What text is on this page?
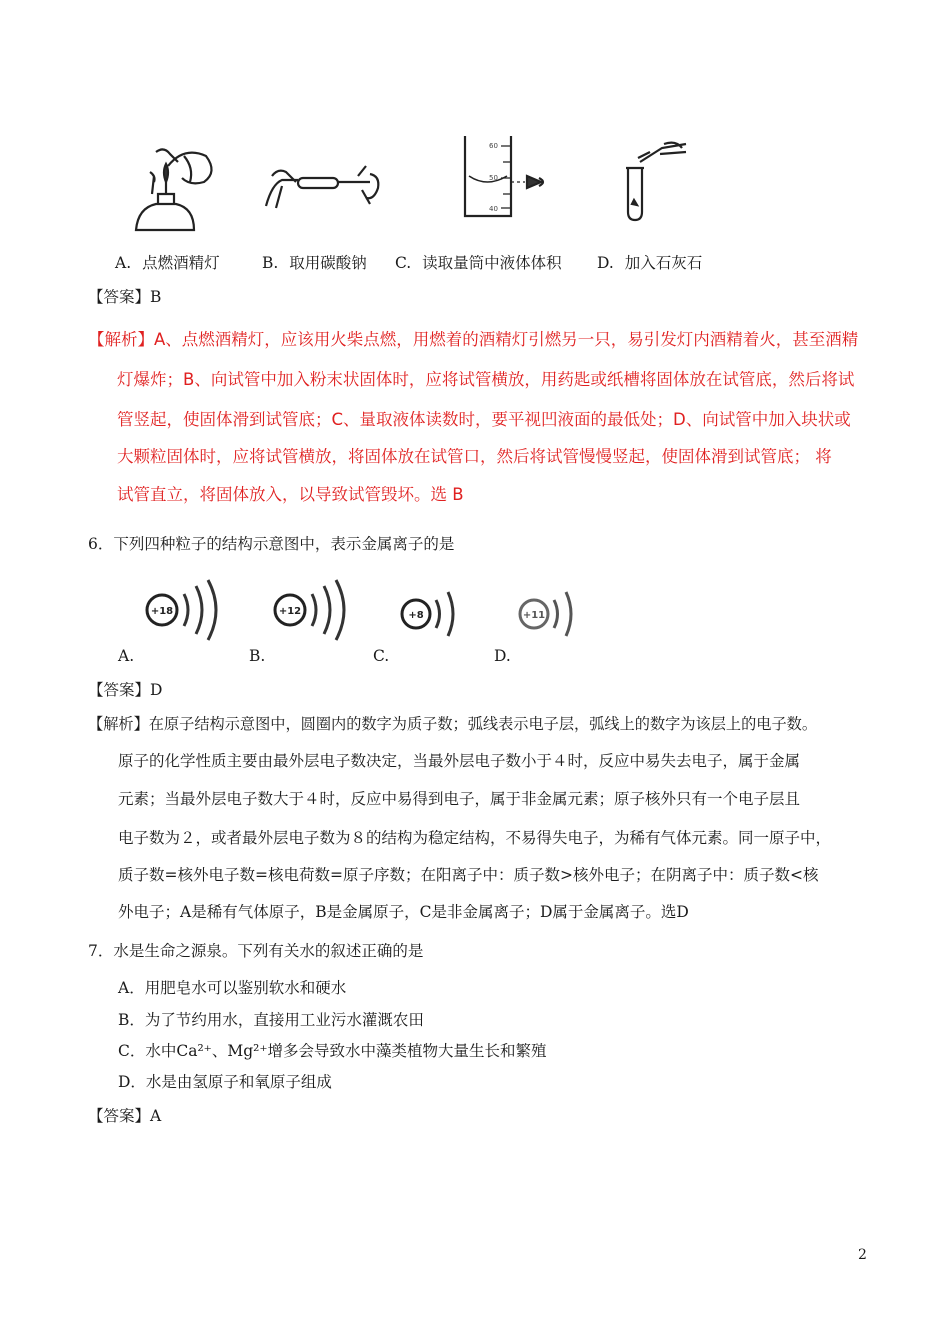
60
50
40
A. 点燃酒精灯	B. 取用碳酸钠 C. 读取量筒中液体体积 D. 加入石灰石
【答案】B
【解析】A、点燃酒精灯，应该用火柴点燃，用燃着的酒精灯引燃另一只，易引发灯内酒精着火，甚至酒精
灯爆炸；B、向试管中加入粉末状固体时，应将试管横放，用药匙或纸槽将固体放在试管底，然后将试
管竖起，使固体滑到试管底；C、量取液体读数时，要平视凹液面的最低处；D、向试管中加入块状或
大颗粒固体时，应将试管横放，将固体放在试管口，然后将试管慢慢竖起，使固体滑到试管底； 将
试管直立，将固体放入，以导致试管毁坏。选 B
6．下列四种粒子的结构示意图中，表示金属离子的是
+18	+12	+8	+11
A.	B.	C.	D.
【答案】D
【解析】在原子结构示意图中，圆圈内的数字为质子数；弧线表示电子层，弧线上的数字为该层上的电子数。
原子的化学性质主要由最外层电子数决定，当最外层电子数小于４时，反应中易失去电子，属于金属
元素；当最外层电子数大于４时，反应中易得到电子，属于非金属元素；原子核外只有一个电子层且
电子数为２，或者最外层电子数为８的结构为稳定结构，不易得失电子，为稀有气体元素。同一原子中，
质子数=核外电子数=核电荷数=原子序数；在阳离子中：质子数>核外电子；在阴离子中：质子数<核
外电子；A是稀有气体原子，B是金属原子，C是非金属离子；D属于金属离子。选D
7．水是生命之源泉。下列有关水的叙述正确的是
A．用肥皂水可以鉴别软水和硬水
B．为了节约用水，直接用工业污水灌溉农田
C．水中Ca²⁺、Mg²⁺增多会导致水中藻类植物大量生长和繁殖
D．水是由氢原子和氧原子组成
【答案】A
2
